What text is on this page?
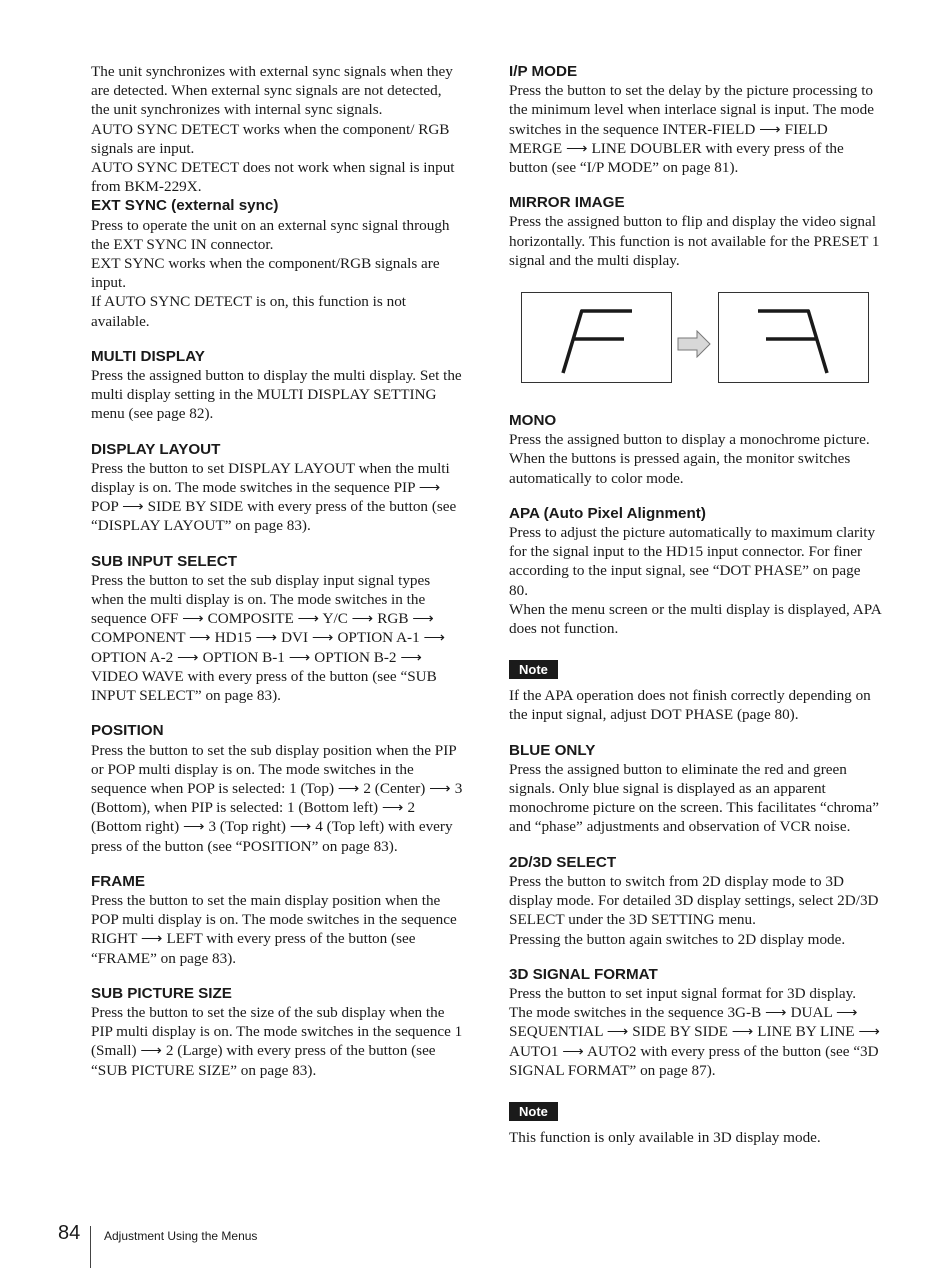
The unit synchronizes with external sync signals when they are detected. When external sync signals are not detected, the unit synchronizes with internal sync signals.
AUTO SYNC DETECT works when the component/ RGB signals are input.
AUTO SYNC DETECT does not work when signal is input from BKM-229X.

EXT SYNC (external sync)

Press to operate the unit on an external sync signal through the EXT SYNC IN connector.
EXT SYNC works when the component/RGB signals are input.
If AUTO SYNC DETECT is on, this function is not available.

MULTI DISPLAY

Press the assigned button to display the multi display. Set the multi display setting in the MULTI DISPLAY SETTING menu (see page 82).

DISPLAY LAYOUT

Press the button to set DISPLAY LAYOUT when the multi display is on. The mode switches in the sequence PIP ⟶ POP ⟶ SIDE BY SIDE with every press of the button (see “DISPLAY LAYOUT” on page 83).

SUB INPUT SELECT

Press the button to set the sub display input signal types when the multi display is on. The mode switches in the sequence OFF ⟶ COMPOSITE ⟶ Y/C ⟶ RGB ⟶ COMPONENT ⟶ HD15 ⟶ DVI ⟶ OPTION A-1 ⟶ OPTION A-2 ⟶ OPTION B-1 ⟶ OPTION B-2 ⟶ VIDEO WAVE with every press of the button (see “SUB INPUT SELECT” on page 83).

POSITION

Press the button to set the sub display position when the PIP or POP multi display is on. The mode switches in the sequence when POP is selected: 1 (Top) ⟶ 2 (Center) ⟶ 3 (Bottom), when PIP is selected: 1 (Bottom left) ⟶ 2 (Bottom right) ⟶ 3 (Top right) ⟶ 4 (Top left) with every press of the button (see “POSITION” on page 83).

FRAME

Press the button to set the main display position when the POP multi display is on. The mode switches in the sequence RIGHT ⟶ LEFT with every press of the button (see “FRAME” on page 83).

SUB PICTURE SIZE

Press the button to set the size of the sub display when the PIP multi display is on. The mode switches in the sequence 1 (Small) ⟶ 2 (Large) with every press of the button (see “SUB PICTURE SIZE” on page 83).

I/P MODE

Press the button to set the delay by the picture processing to the minimum level when interlace signal is input. The mode switches in the sequence INTER-FIELD ⟶ FIELD MERGE ⟶ LINE DOUBLER with every press of the button (see “I/P MODE” on page 81).

MIRROR IMAGE

Press the assigned button to flip and display the video signal horizontally. This function is not available for the PRESET 1 signal and the multi display.

MONO

Press the assigned button to display a monochrome picture. When the buttons is pressed again, the monitor switches automatically to color mode.

APA (Auto Pixel Alignment)

Press to adjust the picture automatically to maximum clarity for the signal input to the HD15 input connector. For finer according to the input signal, see “DOT PHASE” on page 80.
When the menu screen or the multi display is displayed, APA does not function.

Note

If the APA operation does not finish correctly depending on the input signal, adjust DOT PHASE (page 80).

BLUE ONLY

Press the assigned button to eliminate the red and green signals. Only blue signal is displayed as an apparent monochrome picture on the screen. This facilitates “chroma” and “phase” adjustments and observation of VCR noise.

2D/3D SELECT

Press the button to switch from 2D display mode to 3D display mode. For detailed 3D display settings, select 2D/3D SELECT under the 3D SETTING menu.
Pressing the button again switches to 2D display mode.

3D SIGNAL FORMAT

Press the button to set input signal format for 3D display. The mode switches in the sequence 3G-B ⟶ DUAL ⟶ SEQUENTIAL ⟶ SIDE BY SIDE ⟶ LINE BY LINE ⟶ AUTO1 ⟶ AUTO2 with every press of the button (see “3D SIGNAL FORMAT” on page 87).

Note

This function is only available in 3D display mode.

84 Adjustment Using the Menus
